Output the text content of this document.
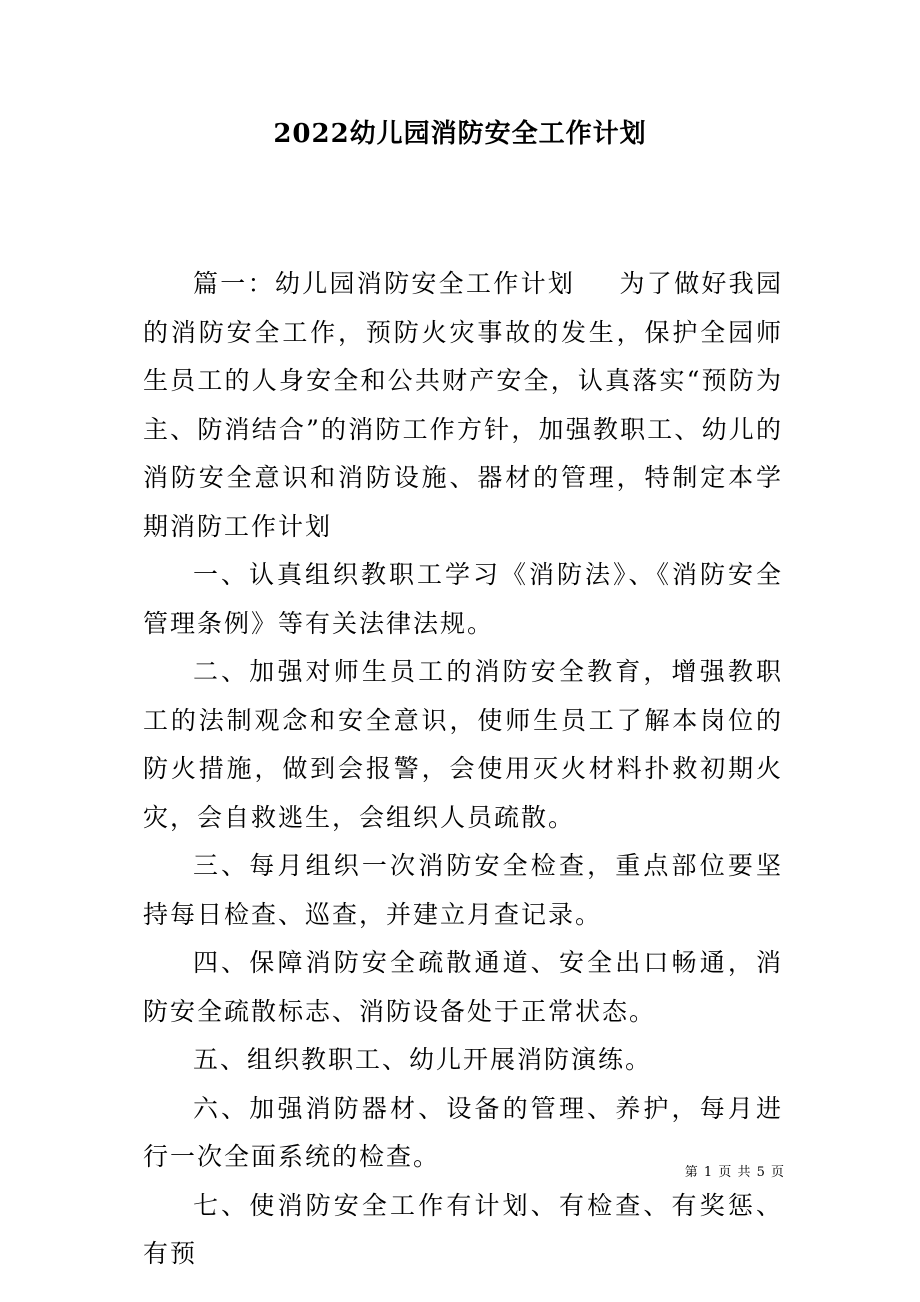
2022幼儿园消防安全工作计划

篇一：幼儿园消防安全工作计划 为了做好我园的消防安全工作，预防火灾事故的发生，保护全园师生员工的人身安全和公共财产安全，认真落实“预防为主、防消结合”的消防工作方针，加强教职工、幼儿的消防安全意识和消防设施、器材的管理，特制定本学期消防工作计划

一、认真组织教职工学习《消防法》、《消防安全管理条例》等有关法律法规。

二、加强对师生员工的消防安全教育，增强教职工的法制观念和安全意识，使师生员工了解本岗位的防火措施，做到会报警，会使用灭火材料扑救初期火灾，会自救逃生，会组织人员疏散。

三、每月组织一次消防安全检查，重点部位要坚持每日检查、巡查，并建立月查记录。

四、保障消防安全疏散通道、安全出口畅通，消防安全疏散标志、消防设备处于正常状态。

五、组织教职工、幼儿开展消防演练。

六、加强消防器材、设备的管理、养护，每月进行一次全面系统的检查。

七、使消防安全工作有计划、有检查、有奖惩、有预

第 1 页 共 5 页
